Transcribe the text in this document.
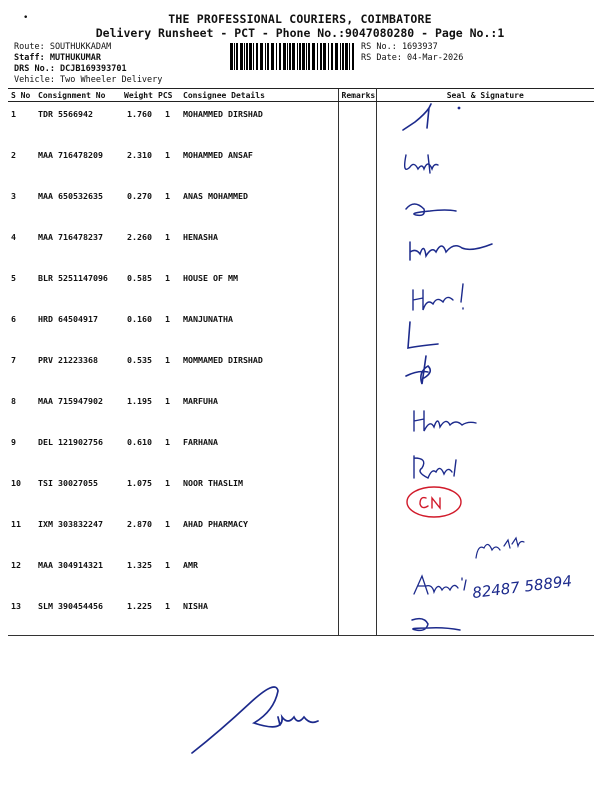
•	THE PROFESSIONAL COURIERS, COIMBATORE
Delivery Runsheet - PCT - Phone No.:9047080280 - Page No.:1
Route: SOUTHUKKADAM
Staff: MUTHUKUMAR
DRS No.: DCJB169393701
Vehicle: Two Wheeler Delivery
RS No.: 1693937
RS Date: 04-Mar-2026
S No	Consignment No	Weight	PCS	Consignee Details	Remarks	Seal & Signature
1	TDR 5566942	1.760	1	MOHAMMED DIRSHAD		
2	MAA 716478209	2.310	1	MOHAMMED ANSAF		
3	MAA 650532635	0.270	1	ANAS MOHAMMED		
4	MAA 716478237	2.260	1	HENASHA		
5	BLR 5251147096	0.585	1	HOUSE OF MM		
6	HRD 64504917	0.160	1	MANJUNATHA		
7	PRV 21223368	0.535	1	MOMMAMED DIRSHAD		
8	MAA 715947902	1.195	1	MARFUHA		
9	DEL 121902756	0.610	1	FARHANA		
10	TSI 30027055	1.075	1	NOOR THASLIM		
11	IXM 303832247	2.870	1	AHAD PHARMACY		
12	MAA 304914321	1.325	1	AMR		
13	SLM 390454456	1.225	1	NISHA		
82487 58894
